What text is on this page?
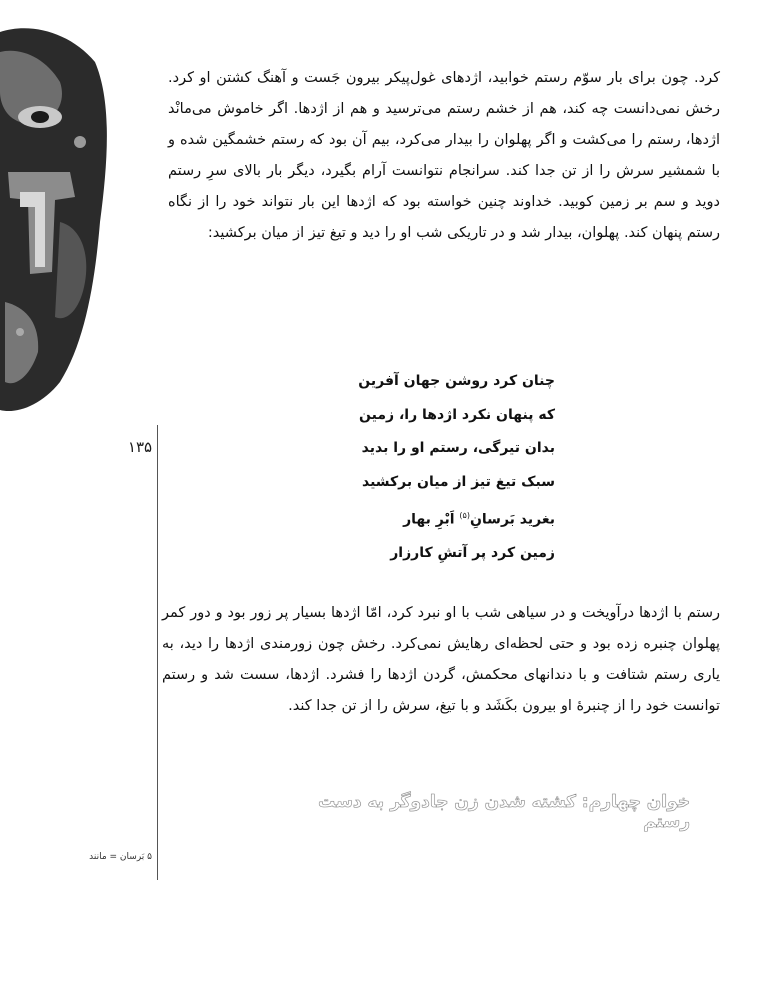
کرد. چون برای بار سوّم رستم خوابید، اژدهای غول‌پیکر بیرون جَست و آهنگ کشتن او کرد. رخش نمی‌دانست چه کند، هم از خشم رستم می‌ترسید و هم از اژدها. اگر خاموش می‌مانْد اژدها، رستم را می‌کشت و اگر پهلوان را بیدار می‌کرد، بیم آن بود که رستم خشمگین شده و با شمشیر سرش را از تن جدا کند. سرانجام نتوانست آرام بگیرد، دیگر بار بالای سرِ رستم دوید و سم بر زمین کوبید. خداوند چنین خواسته بود که اژدها این بار نتواند خود را از نگاه رستم پنهان کند. پهلوان، بیدار شد و در تاریکی شب او را دید و تیغ تیز از میان برکشید:

چنان کرد روشن جهان آفرین
که پنهان نکرد اژدها را، زمین
بدان تیرگی، رستم او را بدید
سبک تیغ تیز از میان برکشید
بغرید بَرسانِ$^{(۵)}$ اَبْرِ بهار
زمین کرد پر آتشِ کارزار
۱۳۵

رستم با اژدها درآویخت و در سیاهی شب با او نبرد کرد، امّا اژدها بسیار پر زور بود و دور کمر پهلوان چنبره زده بود و حتی لحظه‌ای رهایش نمی‌کرد. رخش چون زورمندی اژدها را دید، به یاری رستم شتافت و با دندانهای محکمش، گردن اژدها را فشرد. اژدها، سست شد و رستم توانست خود را از چنبرهٔ او بیرون بکَشَد و با تیغ، سرش را از تن جدا کند.

خوان چهارم: کشته شدن زن جادوگر به دست رستم

۵ بَرسان = مانند
